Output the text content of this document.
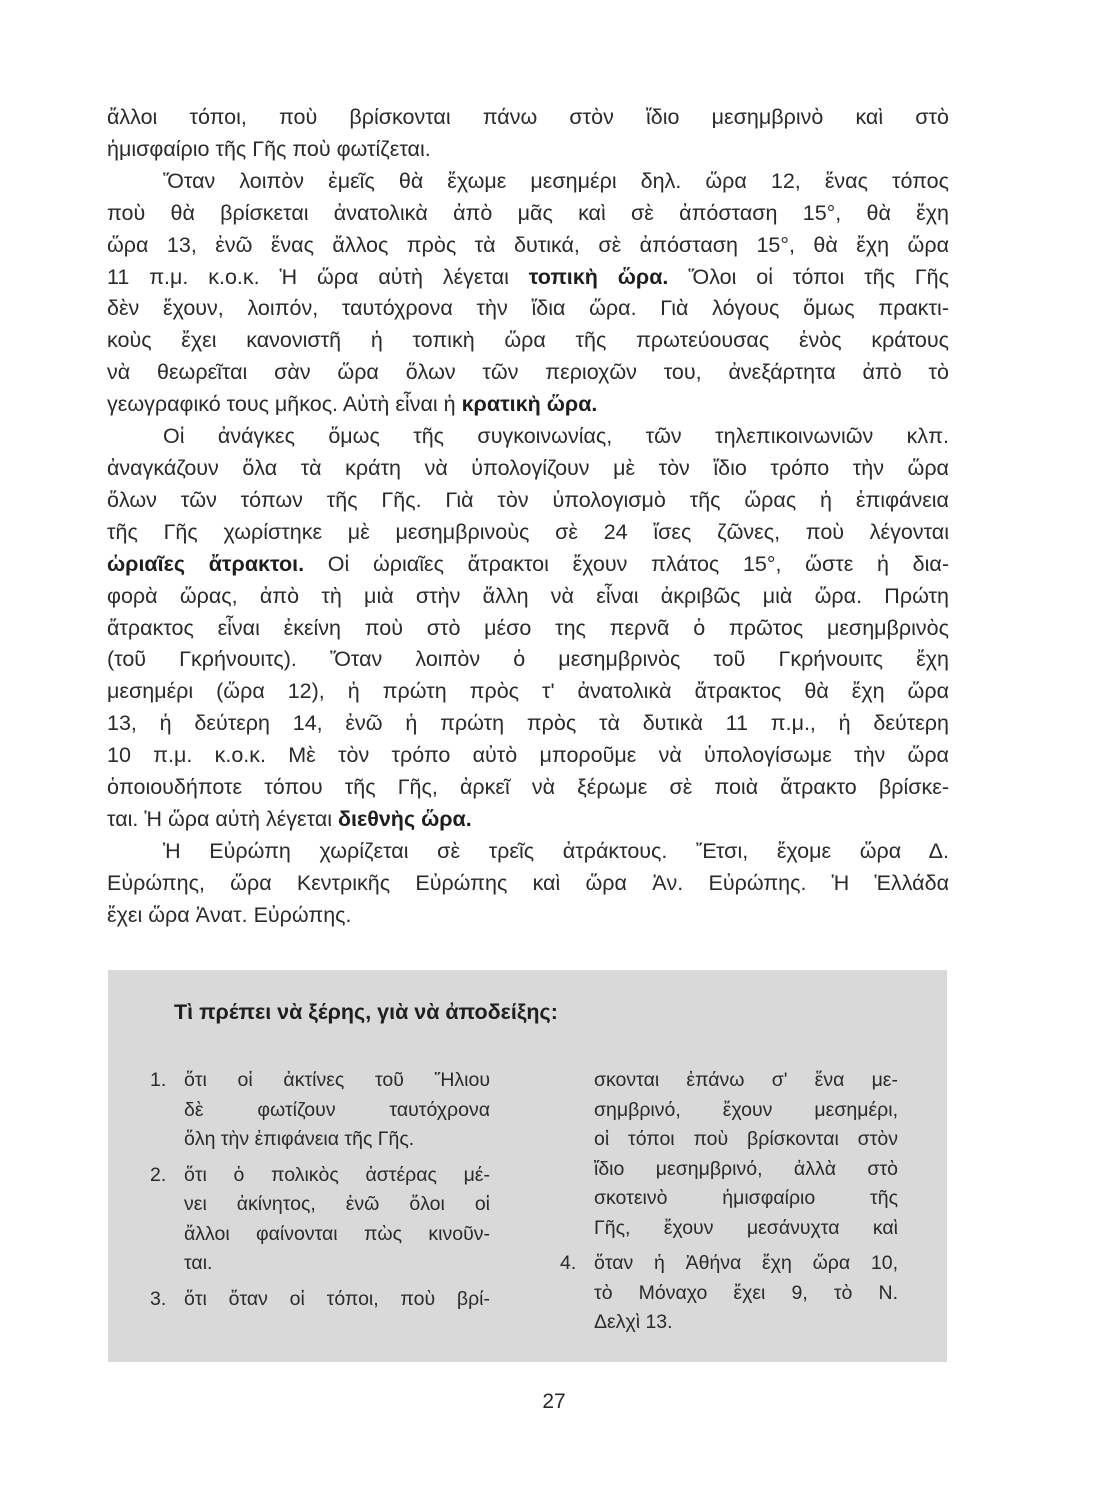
ἄλλοι τόποι, ποὺ βρίσκονται πάνω στὸν ἴδιο μεσημβρινὸ καὶ στὸ
ἡμισφαίριο τῆς Γῆς ποὺ φωτίζεται.

Ὅταν λοιπὸν ἐμεῖς θὰ ἔχωμε μεσημέρι δηλ. ὥρα 12, ἕνας τόπος
ποὺ θὰ βρίσκεται ἀνατολικὰ ἀπὸ μᾶς καὶ σὲ ἀπόσταση 15°, θὰ ἔχη
ὥρα 13, ἐνῶ ἕνας ἄλλος πρὸς τὰ δυτικά, σὲ ἀπόσταση 15°, θὰ ἔχη ὥρα
11 π.μ. κ.ο.κ. Ἡ ὥρα αὐτὴ λέγεται τοπικὴ ὥρα. Ὅλοι οἱ τόποι τῆς Γῆς
δὲν ἔχουν, λοιπόν, ταυτόχρονα τὴν ἴδια ὥρα. Γιὰ λόγους ὅμως πρακτι-
κοὺς ἔχει κανονιστῆ ἡ τοπικὴ ὥρα τῆς πρωτεύουσας ἑνὸς κράτους
νὰ θεωρεῖται σὰν ὥρα ὅλων τῶν περιοχῶν του, ἀνεξάρτητα ἀπὸ τὸ
γεωγραφικό τους μῆκος. Αὐτὴ εἶναι ἡ κρατικὴ ὥρα.

Οἱ ἀνάγκες ὅμως τῆς συγκοινωνίας, τῶν τηλεπικοινωνιῶν κλπ.
ἀναγκάζουν ὅλα τὰ κράτη νὰ ὑπολογίζουν μὲ τὸν ἴδιο τρόπο τὴν ὥρα
ὅλων τῶν τόπων τῆς Γῆς. Γιὰ τὸν ὑπολογισμὸ τῆς ὥρας ἡ ἐπιφάνεια
τῆς Γῆς χωρίστηκε μὲ μεσημβρινοὺς σὲ 24 ἴσες ζῶνες, ποὺ λέγονται
ὡριαῖες ἄτρακτοι. Οἱ ὡριαῖες ἄτρακτοι ἔχουν πλάτος 15°, ὥστε ἡ δια-
φορὰ ὥρας, ἀπὸ τὴ μιὰ στὴν ἄλλη νὰ εἶναι ἀκριβῶς μιὰ ὥρα. Πρώτη
ἄτρακτος εἶναι ἐκείνη ποὺ στὸ μέσο της περνᾶ ὁ πρῶτος μεσημβρινὸς
(τοῦ Γκρήνουιτς). Ὅταν λοιπὸν ὁ μεσημβρινὸς τοῦ Γκρήνουιτς ἔχη
μεσημέρι (ὥρα 12), ἡ πρώτη πρὸς τ' ἀνατολικὰ ἄτρακτος θὰ ἔχη ὥρα
13, ἡ δεύτερη 14, ἐνῶ ἡ πρώτη πρὸς τὰ δυτικὰ 11 π.μ., ἡ δεύτερη
10 π.μ. κ.ο.κ. Μὲ τὸν τρόπο αὐτὸ μποροῦμε νὰ ὑπολογίσωμε τὴν ὥρα
ὁποιουδήποτε τόπου τῆς Γῆς, ἀρκεῖ νὰ ξέρωμε σὲ ποιὰ ἄτρακτο βρίσκε-
ται. Ἡ ὥρα αὐτὴ λέγεται διεθνὴς ὥρα.

Ἡ Εὐρώπη χωρίζεται σὲ τρεῖς ἀτράκτους. Ἔτσι, ἔχομε ὥρα Δ.
Εὐρώπης, ὥρα Κεντρικῆς Εὐρώπης καὶ ὥρα Ἀν. Εὐρώπης. Ἡ Ἑλλάδα
ἔχει ὥρα Ἀνατ. Εὐρώπης.

Τὶ πρέπει νὰ ξέρης, γιὰ νὰ ἀποδείξης:
1. ὅτι οἱ ἀκτίνες τοῦ Ἥλιου
δὲ φωτίζουν ταυτόχρονα
ὅλη τὴν ἐπιφάνεια τῆς Γῆς.
2. ὅτι ὁ πολικὸς ἀστέρας μέ-
νει ἀκίνητος, ἐνῶ ὅλοι οἱ
ἄλλοι φαίνονται πὼς κινοῦν-
ται.
3. ὅτι ὅταν οἱ τόποι, ποὺ βρί-
σκονται ἐπάνω σ' ἕνα με-
σημβρινό, ἔχουν μεσημέρι,
οἱ τόποι ποὺ βρίσκονται στὸν
ἴδιο μεσημβρινό, ἀλλὰ στὸ
σκοτεινὸ ἡμισφαίριο τῆς
Γῆς, ἔχουν μεσάνυχτα καὶ
4. ὅταν ἡ Ἀθήνα ἔχη ὥρα 10,
τὸ Μόναχο ἔχει 9, τὸ Ν.
Δελχὶ 13.
27
